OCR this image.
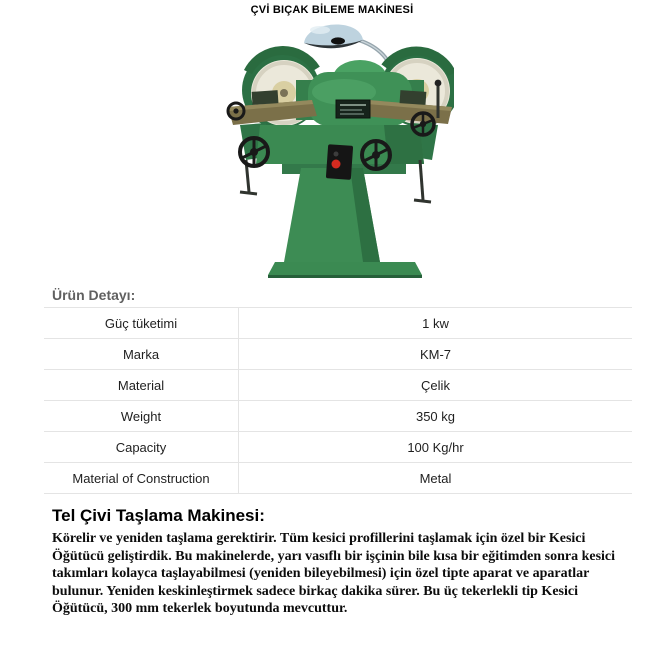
ÇVİ BIÇAK BİLEME MAKİNESİ
Ürün Detayı:
Güç tüketimi	1 kw
Marka	KM-7
Material	Çelik
Weight	350 kg
Capacity	100 Kg/hr
Material of Construction	Metal
Tel Çivi Taşlama Makinesi:

Körelir ve yeniden taşlama gerektirir. Tüm kesici profillerini taşlamak için özel bir Kesici Öğütücü geliştirdik. Bu makinelerde, yarı vasıflı bir işçinin bile kısa bir eğitimden sonra kesici takımları kolayca taşlayabilmesi (yeniden bileyebilmesi) için özel tipte aparat ve aparatlar bulunur. Yeniden keskinleştirmek sadece birkaç dakika sürer. Bu üç tekerlekli tip Kesici Öğütücü, 300 mm tekerlek boyutunda mevcuttur.
